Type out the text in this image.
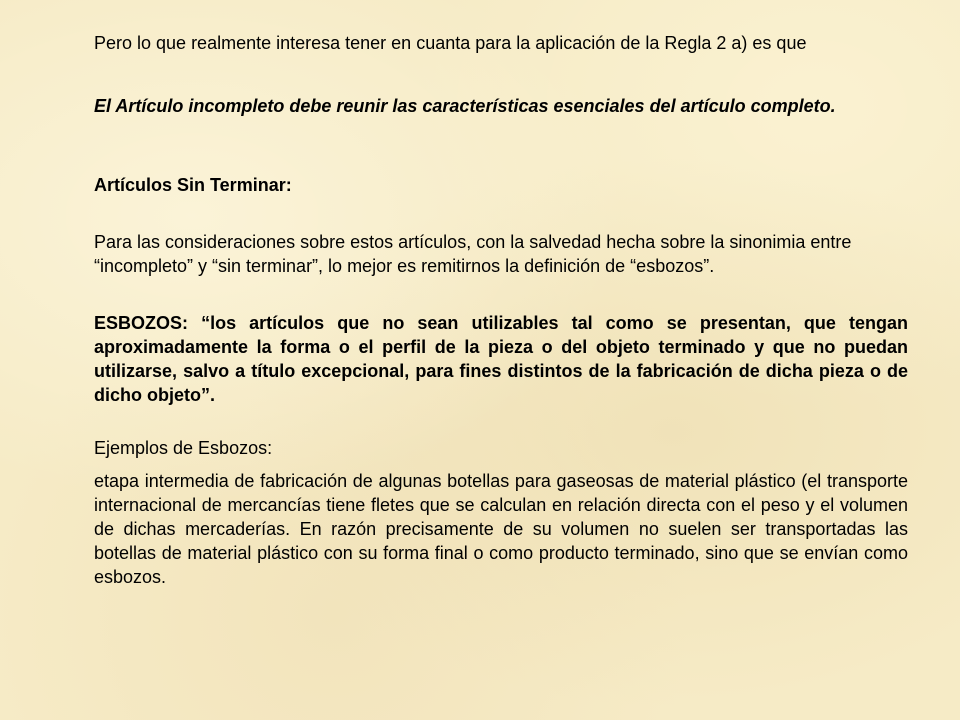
Pero lo que realmente interesa tener en cuanta para la aplicación de la Regla 2 a) es que

El Artículo incompleto debe reunir las características esenciales del artículo completo.

Artículos Sin Terminar:

Para las consideraciones sobre estos artículos, con la salvedad hecha sobre la sinonimia entre “incompleto” y “sin terminar”, lo mejor es remitirnos la definición de “esbozos”.

ESBOZOS: “los artículos que no sean utilizables tal como se presentan, que tengan aproximadamente la forma o el perfil de la pieza o del objeto terminado y que no puedan utilizarse, salvo a título excepcional, para fines distintos de la fabricación de dicha pieza o de dicho objeto”.

Ejemplos de Esbozos:

etapa intermedia de fabricación de algunas botellas para gaseosas de material plástico (el transporte internacional de mercancías tiene fletes que se calculan en relación directa con el peso y el volumen de dichas mercaderías. En razón precisamente de su volumen no suelen ser transportadas las botellas de material plástico con su forma final o como producto terminado, sino que se envían como esbozos.
